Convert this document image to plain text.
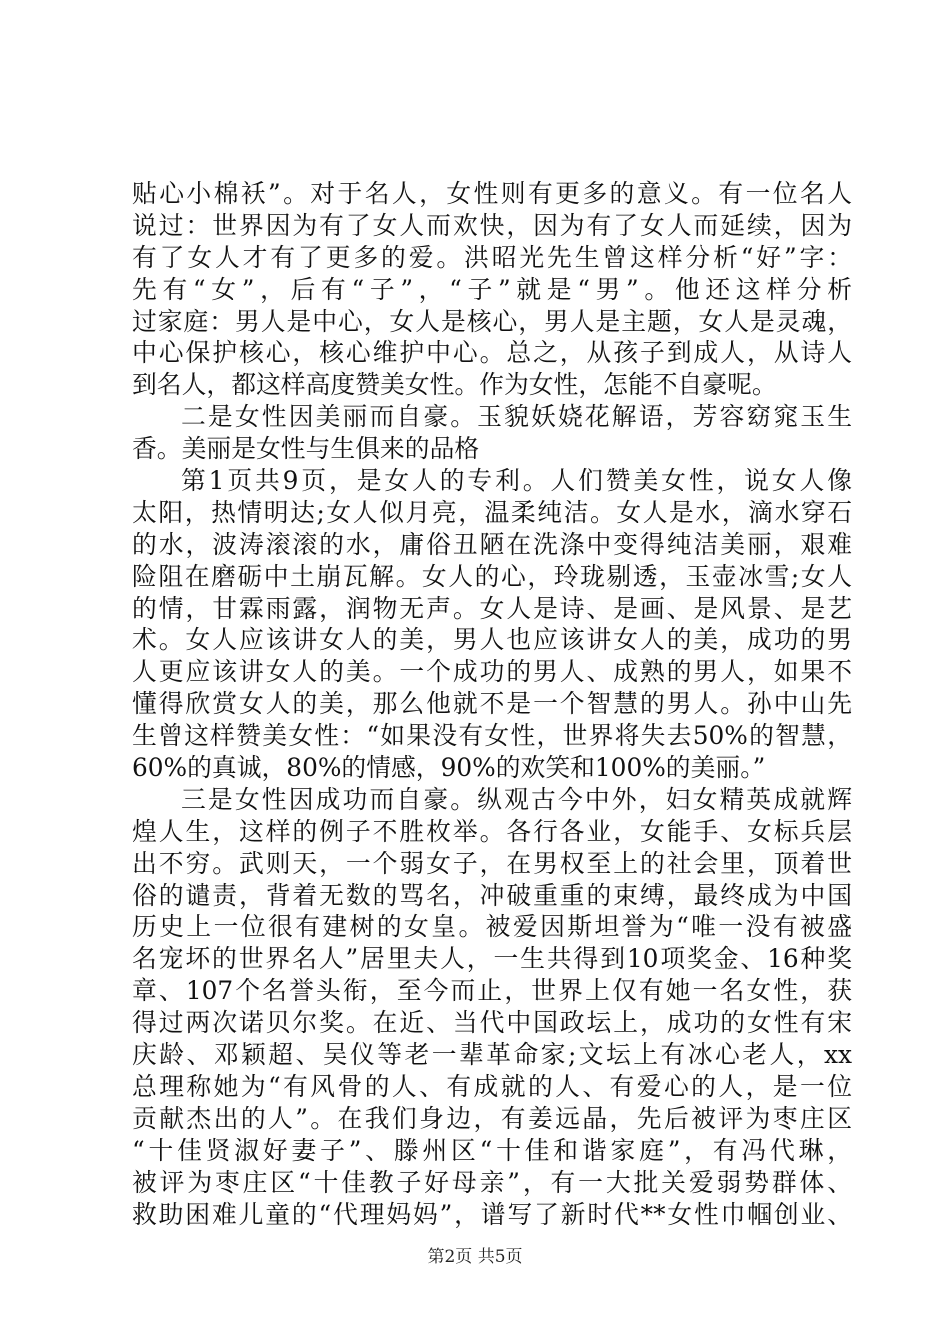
贴心小棉袄”。对于名人，女性则有更多的意义。有一位名人
说过：世界因为有了女人而欢快，因为有了女人而延续，因为
有了女人才有了更多的爱。洪昭光先生曾这样分析“好”字：
先有“女”，后有“子”，“子”就是“男”。他还这样分析
过家庭：男人是中心，女人是核心，男人是主题，女人是灵魂，
中心保护核心，核心维护中心。总之，从孩子到成人，从诗人
到名人，都这样高度赞美女性。作为女性，怎能不自豪呢。
二是女性因美丽而自豪。玉貌妖娆花解语，芳容窈窕玉生
香。美丽是女性与生俱来的品格
第1页共9页，是女人的专利。人们赞美女性，说女人像
太阳，热情明达;女人似月亮，温柔纯洁。女人是水，滴水穿石
的水，波涛滚滚的水，庸俗丑陋在洗涤中变得纯洁美丽，艰难
险阻在磨砺中土崩瓦解。女人的心，玲珑剔透，玉壶冰雪;女人
的情，甘霖雨露，润物无声。女人是诗、是画、是风景、是艺
术。女人应该讲女人的美，男人也应该讲女人的美，成功的男
人更应该讲女人的美。一个成功的男人、成熟的男人，如果不
懂得欣赏女人的美，那么他就不是一个智慧的男人。孙中山先
生曾这样赞美女性：“如果没有女性，世界将失去50%的智慧，
60%的真诚，80%的情感，90%的欢笑和100%的美丽。”
三是女性因成功而自豪。纵观古今中外，妇女精英成就辉
煌人生，这样的例子不胜枚举。各行各业，女能手、女标兵层
出不穷。武则天，一个弱女子，在男权至上的社会里，顶着世
俗的谴责，背着无数的骂名，冲破重重的束缚，最终成为中国
历史上一位很有建树的女皇。被爱因斯坦誉为“唯一没有被盛
名宠坏的世界名人”居里夫人，一生共得到10项奖金、16种奖
章、107个名誉头衔，至今而止，世界上仅有她一名女性，获
得过两次诺贝尔奖。在近、当代中国政坛上，成功的女性有宋
庆龄、邓颖超、吴仪等老一辈革命家;文坛上有冰心老人，xx
总理称她为“有风骨的人、有成就的人、有爱心的人，是一位
贡献杰出的人”。在我们身边，有姜远晶，先后被评为枣庄区
“十佳贤淑好妻子”、滕州区“十佳和谐家庭”，有冯代琳，
被评为枣庄区“十佳教子好母亲”，有一大批关爱弱势群体、
救助困难儿童的“代理妈妈”，谱写了新时代**女性巾帼创业、
第2页 共5页
